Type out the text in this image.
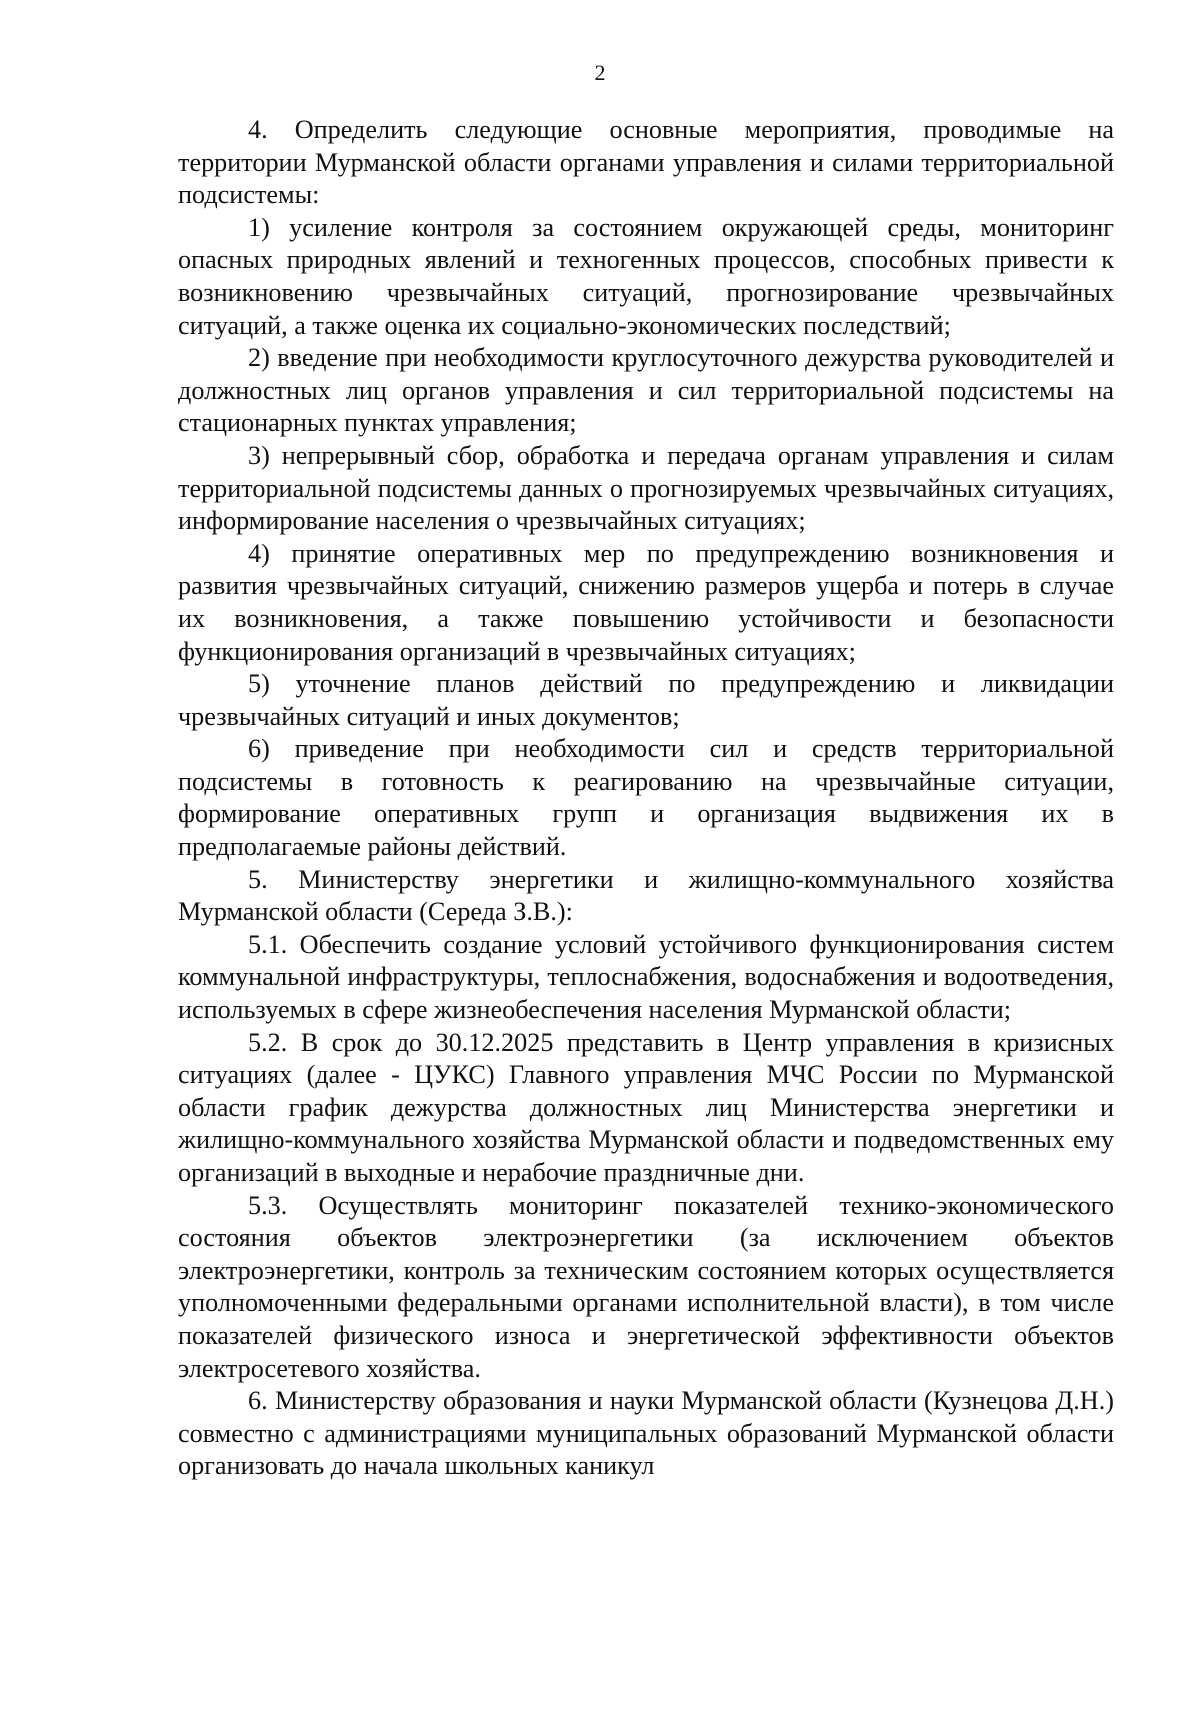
2

4. Определить следующие основные мероприятия, проводимые на территории Мурманской области органами управления и силами территориальной подсистемы:

1) усиление контроля за состоянием окружающей среды, мониторинг опасных природных явлений и техногенных процессов, способных привести к возникновению чрезвычайных ситуаций, прогнозирование чрезвычайных ситуаций, а также оценка их социально-экономических последствий;

2) введение при необходимости круглосуточного дежурства руководителей и должностных лиц органов управления и сил территориальной подсистемы на стационарных пунктах управления;

3) непрерывный сбор, обработка и передача органам управления и силам территориальной подсистемы данных о прогнозируемых чрезвычайных ситуациях, информирование населения о чрезвычайных ситуациях;

4) принятие оперативных мер по предупреждению возникновения и развития чрезвычайных ситуаций, снижению размеров ущерба и потерь в случае их возникновения, а также повышению устойчивости и безопасности функционирования организаций в чрезвычайных ситуациях;

5) уточнение планов действий по предупреждению и ликвидации чрезвычайных ситуаций и иных документов;

6) приведение при необходимости сил и средств территориальной подсистемы в готовность к реагированию на чрезвычайные ситуации, формирование оперативных групп и организация выдвижения их в предполагаемые районы действий.

5. Министерству энергетики и жилищно-коммунального хозяйства Мурманской области (Середа З.В.):

5.1. Обеспечить создание условий устойчивого функционирования систем коммунальной инфраструктуры, теплоснабжения, водоснабжения и водоотведения, используемых в сфере жизнеобеспечения населения Мурманской области;

5.2. В срок до 30.12.2025 представить в Центр управления в кризисных ситуациях (далее - ЦУКС) Главного управления МЧС России по Мурманской области график дежурства должностных лиц Министерства энергетики и жилищно-коммунального хозяйства Мурманской области и подведомственных ему организаций в выходные и нерабочие праздничные дни.

5.3. Осуществлять мониторинг показателей технико-экономического состояния объектов электроэнергетики (за исключением объектов электроэнергетики, контроль за техническим состоянием которых осуществляется уполномоченными федеральными органами исполнительной власти), в том числе показателей физического износа и энергетической эффективности объектов электросетевого хозяйства.

6. Министерству образования и науки Мурманской области (Кузнецова Д.Н.) совместно с администрациями муниципальных образований Мурманской области организовать до начала школьных каникул
